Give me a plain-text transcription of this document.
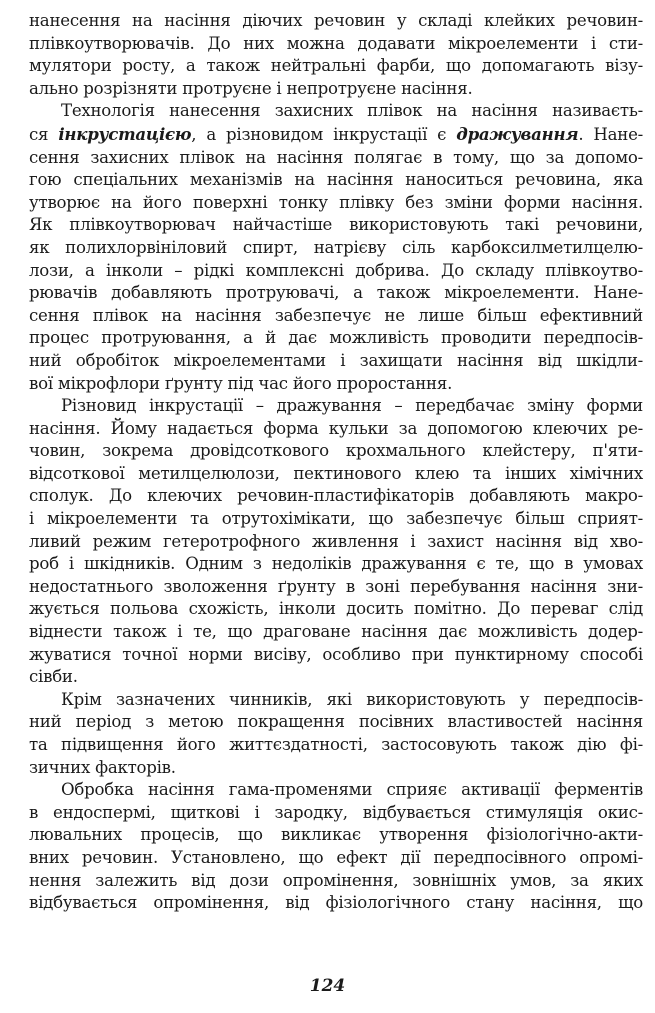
нанесення на насіння діючих речовин у складі клейких речовин-
плівкоутворювачів. До них можна додавати мікроелементи і сти-
мулятори росту, а також нейтральні фарби, що допомагають візу-
ально розрізняти протруєне і непротруєне насіння.
Технологія нанесення захисних плівок на насіння називаєть-
ся інкрустацією, а різновидом інкрустації є дражування. Нане-
сення захисних плівок на насіння полягає в тому, що за допомо-
гою спеціальних механізмів на насіння наноситься речовина, яка
утворює на його поверхні тонку плівку без зміни форми насіння.
Як плівкоутворювач найчастіше використовують такі речовини,
як полихлорвініловий спирт, натрієву сіль карбоксилметилцелю-
лози, а інколи – рідкі комплексні добрива. До складу плівкоутво-
рювачів добавляють протруювачі, а також мікроелементи. Нане-
сення плівок на насіння забезпечує не лише більш ефективний
процес протруювання, а й дає можливість проводити передпосів-
ний обробіток мікроелементами і захищати насіння від шкідли-
вої мікрофлори ґрунту під час його проростання.
Різновид інкрустації – дражування – передбачає зміну форми
насіння. Йому надається форма кульки за допомогою клеючих ре-
човин, зокрема дровідсоткового крохмального клейстеру, п'яти-
відсоткової метилцелюлози, пектинового клею та інших хімічних
сполук. До клеючих речовин-пластифікаторів добавляють макро-
і мікроелементи та отрутохімікати, що забезпечує більш сприят-
ливий режим гетеротрофного живлення і захист насіння від хво-
роб і шкідників. Одним з недоліків дражування є те, що в умовах
недостатнього зволоження ґрунту в зоні перебування насіння зни-
жується польова схожість, інколи досить помітно. До переваг слід
віднести також і те, що драговане насіння дає можливість додер-
жуватися точної норми висіву, особливо при пунктирному способі
сівби.
Крім зазначених чинників, які використовують у передпосів-
ний період з метою покращення посівних властивостей насіння
та підвищення його життєздатності, застосовують також дію фі-
зичних факторів.
Обробка насіння гама-променями сприяє активації ферментів
в ендоспермі, щиткові і зародку, відбувається стимуляція окис-
лювальних процесів, що викликає утворення фізіологічно-акти-
вних речовин. Установлено, що ефект дії передпосівного опромі-
нення залежить від дози опромінення, зовнішніх умов, за яких
відбувається опромінення, від фізіологічного стану насіння, що
124
